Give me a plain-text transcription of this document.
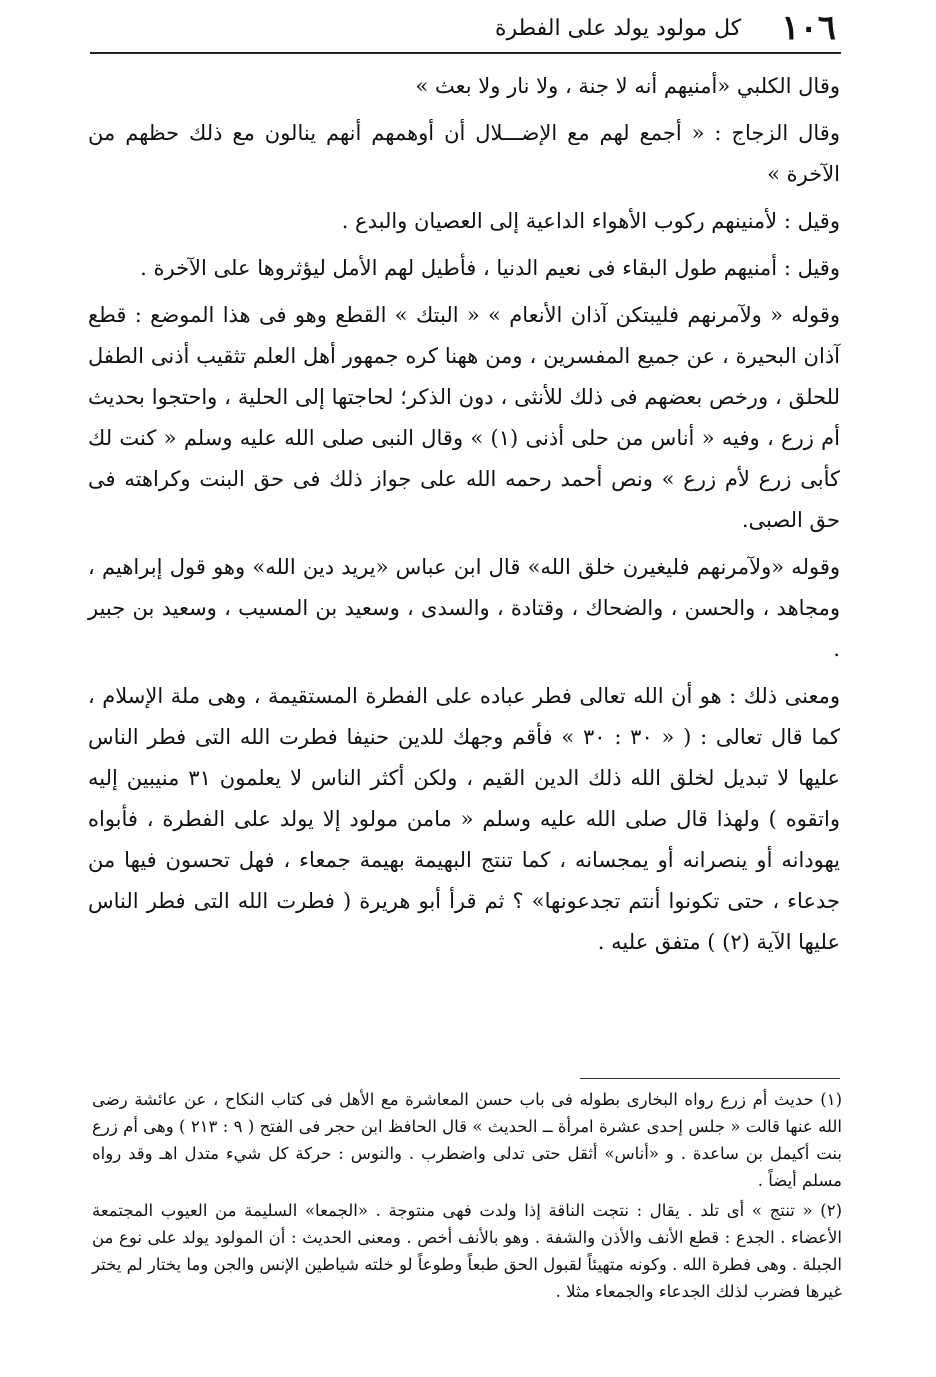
١٠٦
كل مولود يولد على الفطرة

وقال الكلبي «أمنيهم أنه لا جنة ، ولا نار ولا بعث »

وقال الزجاج : « أجمع لهم مع الإضـــلال أن أوهمهم أنهم ينالون مع ذلك حظهم من الآخرة »

وقيل : لأمنينهم ركوب الأهواء الداعية إلى العصيان والبدع .

وقيل : أمنيهم طول البقاء فى نعيم الدنيا ، فأطيل لهم الأمل ليؤثروها على الآخرة .

وقوله « ولآمرنهم فليبتكن آذان الأنعام » « البتك » القطع وهو فى هذا الموضع : قطع آذان البحيرة ، عن جميع المفسرين ، ومن ههنا كره جمهور أهل العلم تثقيب أذنى الطفل للحلق ، ورخص بعضهم فى ذلك للأنثى ، دون الذكر؛ لحاجتها إلى الحلية ، واحتجوا بحديث أم زرع ، وفيه « أناس من حلى أذنى (١) » وقال النبى صلى الله عليه وسلم « كنت لك كأبى زرع لأم زرع » ونص أحمد رحمه الله على جواز ذلك فى حق البنت وكراهته فى حق الصبى.

وقوله «ولآمرنهم فليغيرن خلق الله» قال ابن عباس «يريد دين الله» وهو قول إبراهيم ، ومجاهد ، والحسن ، والضحاك ، وقتادة ، والسدى ، وسعيد بن المسيب ، وسعيد بن جبير .

ومعنى ذلك : هو أن الله تعالى فطر عباده على الفطرة المستقيمة ، وهى ملة الإسلام ، كما قال تعالى : ( « ٣٠ : ٣٠ » فأقم وجهك للدين حنيفا فطرت الله التى فطر الناس عليها لا تبديل لخلق الله ذلك الدين القيم ، ولكن أكثر الناس لا يعلمون ٣١ منيبين إليه واتقوه ) ولهذا قال صلى الله عليه وسلم « مامن مولود إلا يولد على الفطرة ، فأبواه يهودانه أو ينصرانه أو يمجسانه ، كما تنتج البهيمة بهيمة جمعاء ، فهل تحسون فيها من جدعاء ، حتى تكونوا أنتم تجدعونها» ؟ ثم قرأ أبو هريرة ( فطرت الله التى فطر الناس عليها الآية (٢) ) متفق عليه .

(١) حديث أم زرع رواه البخارى بطوله فى باب حسن المعاشرة مع الأهل فى كتاب النكاح ، عن عائشة رضى الله عنها قالت « جلس إحدى عشرة امرأة ــ الحديث » قال الحافظ ابن حجر فى الفتح ( ٩ : ٢١٣ ) وهى أم زرع بنت أكيمل بن ساعدة . و «أناس» أثقل حتى تدلى واضطرب . والنوس : حركة كل شيء متدل اهـ وقد رواه مسلم أيضاً .

(٢) « تنتج » أى تلد . يقال : نتجت الناقة إذا ولدت فهى منتوجة . «الجمعا» السليمة من العيوب المجتمعة الأعضاء . الجدع : قطع الأنف والأذن والشفة . وهو بالأنف أخص . ومعنى الحديث : أن المولود يولد على نوع من الجبلة . وهى فطرة الله . وكونه متهيئاً لقبول الحق طبعاً وطوعاً لو خلته شياطين الإنس والجن وما يختار لم يختر غيرها فضرب لذلك الجدعاء والجمعاء مثلا .
